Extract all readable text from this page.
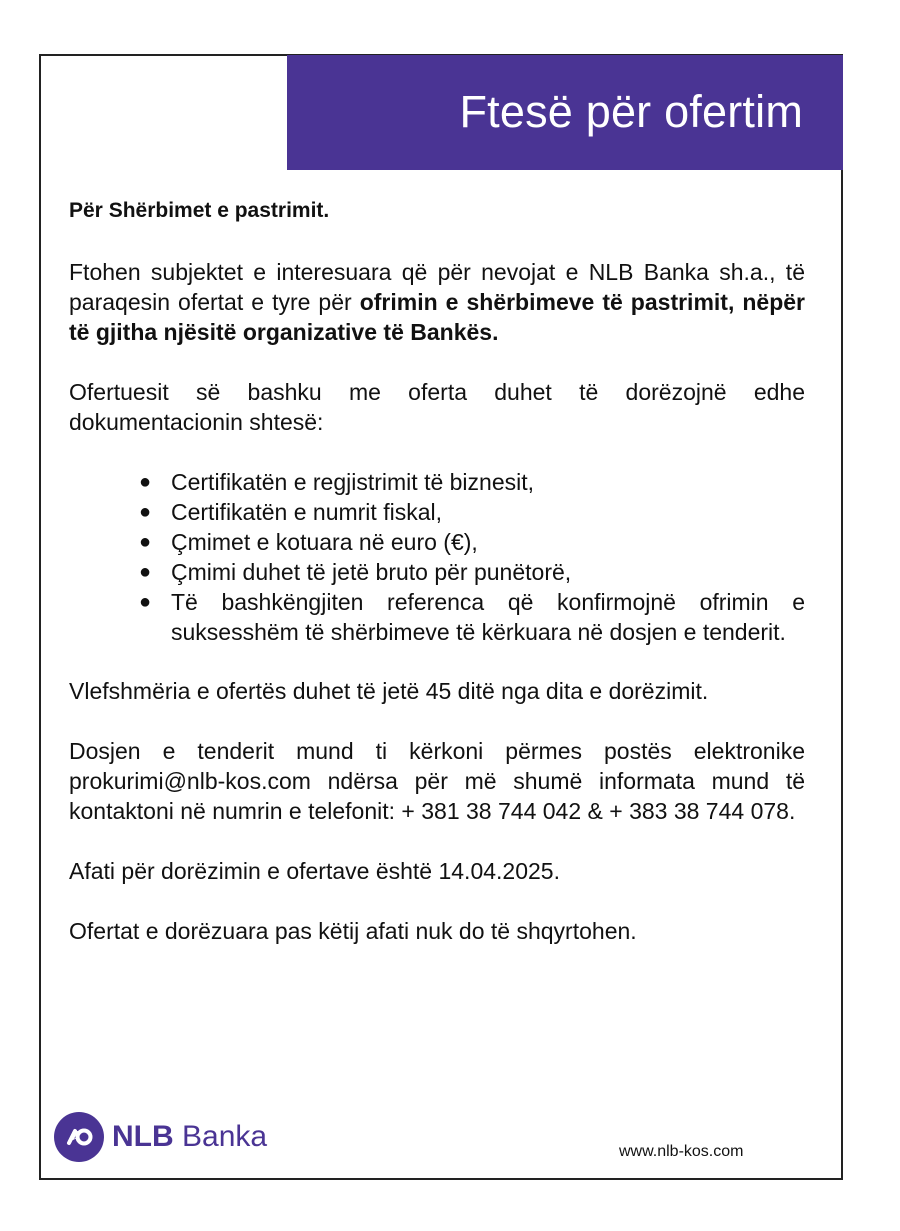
Ftesë për ofertim

Për Shërbimet e pastrimit.

Ftohen subjektet e interesuara që për nevojat e NLB Banka sh.a., të paraqesin ofertat e tyre për ofrimin e shërbimeve të pastrimit, nëpër të gjitha njësitë organizative të Bankës.

Ofertuesit së bashku me oferta duhet të dorëzojnë edhe dokumentacionin shtesë:

● Certifikatën e regjistrimit të biznesit,
● Certifikatën e numrit fiskal,
● Çmimet e kotuara në euro (€),
● Çmimi duhet të jetë bruto për punëtorë,
● Të bashkëngjiten referenca që konfirmojnë ofrimin e suksesshëm të shërbimeve të kërkuara në dosjen e tenderit.

Vlefshmëria e ofertës duhet të jetë 45 ditë nga dita e dorëzimit.

Dosjen e tenderit mund ti kërkoni përmes postës elektronike prokurimi@nlb-kos.com ndërsa për më shumë informata mund të kontaktoni në numrin e telefonit: + 381 38 744 042 & + 383 38 744 078.

Afati për dorëzimin e ofertave është 14.04.2025.

Ofertat e dorëzuara pas këtij afati nuk do të shqyrtohen.

NLB Banka	www.nlb-kos.com
